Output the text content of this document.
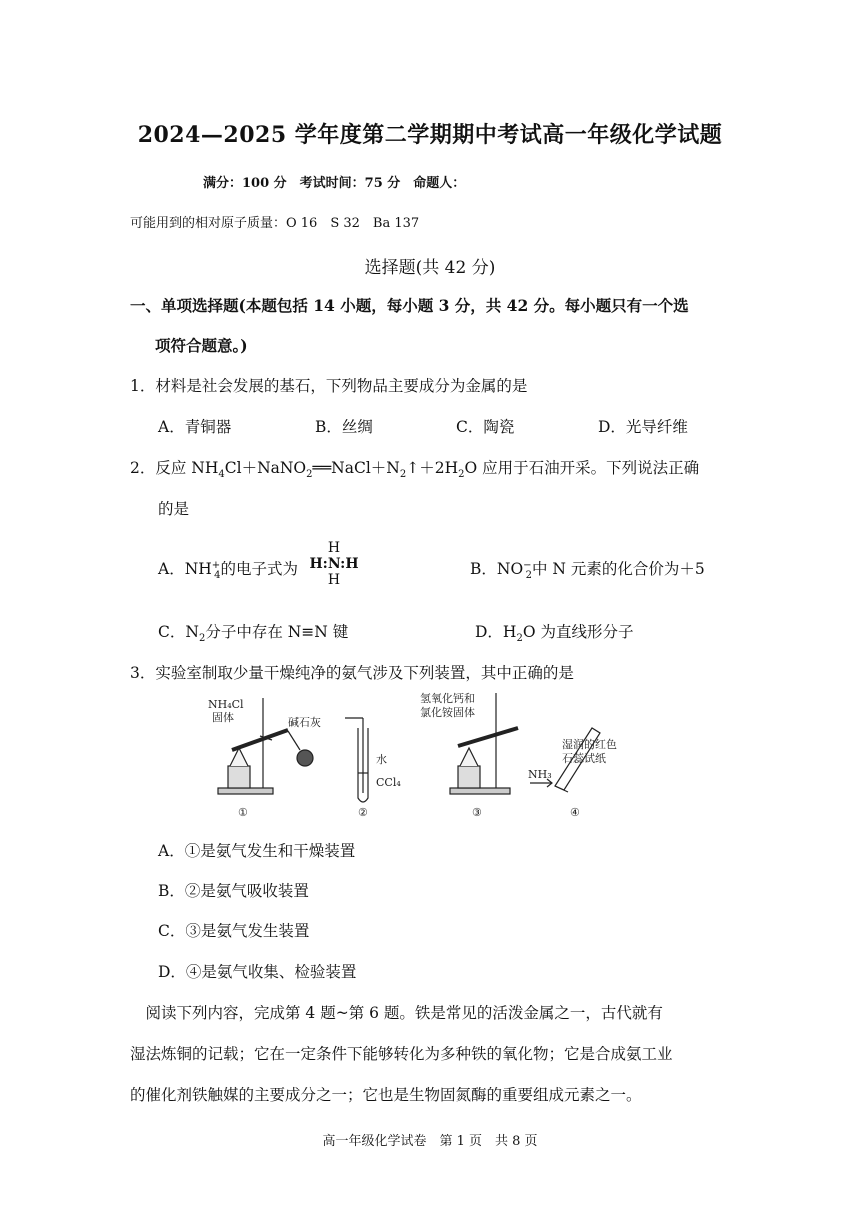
2024—2025 学年度第二学期期中考试高一年级化学试题
满分：100 分　考试时间：75 分　命题人：
可能用到的相对原子质量：O 16　S 32　Ba 137
选择题(共 42 分)
一、单项选择题(本题包括 14 小题，每小题 3 分，共 42 分。每小题只有一个选
项符合题意。)
1．材料是社会发展的基石，下列物品主要成分为金属的是
A．青铜器	B．丝绸	C．陶瓷	D．光导纤维
2．反应 $NH_4Cl+NaNO_2══NaCl+N_2↑+2H_2O$ 应用于石油开采。下列说法正确
的是
A．$NH^+_4$的电子式为
H
H:N:H
H
B．$NO^-_2$中 N 元素的化合价为＋5
C．$N_2$分子中存在 N≡N 键	D．$H_2O$ 为直线形分子
3．实验室制取少量干燥纯净的氨气涉及下列装置，其中正确的是
NH₄Cl
固体	碱石灰
①
水
CCl₄
②
氢氧化钙和
氯化铵固体
③
NH₃
湿润的红色
石蕊试纸
④
A．①是氨气发生和干燥装置
B．②是氨气吸收装置
C．③是氨气发生装置
D．④是氨气收集、检验装置
　阅读下列内容，完成第 4 题~第 6 题。铁是常见的活泼金属之一，古代就有
湿法炼铜的记载；它在一定条件下能够转化为多种铁的氧化物；它是合成氨工业
的催化剂铁触媒的主要成分之一；它也是生物固氮酶的重要组成元素之一。
高一年级化学试卷　第 1 页　共 8 页
